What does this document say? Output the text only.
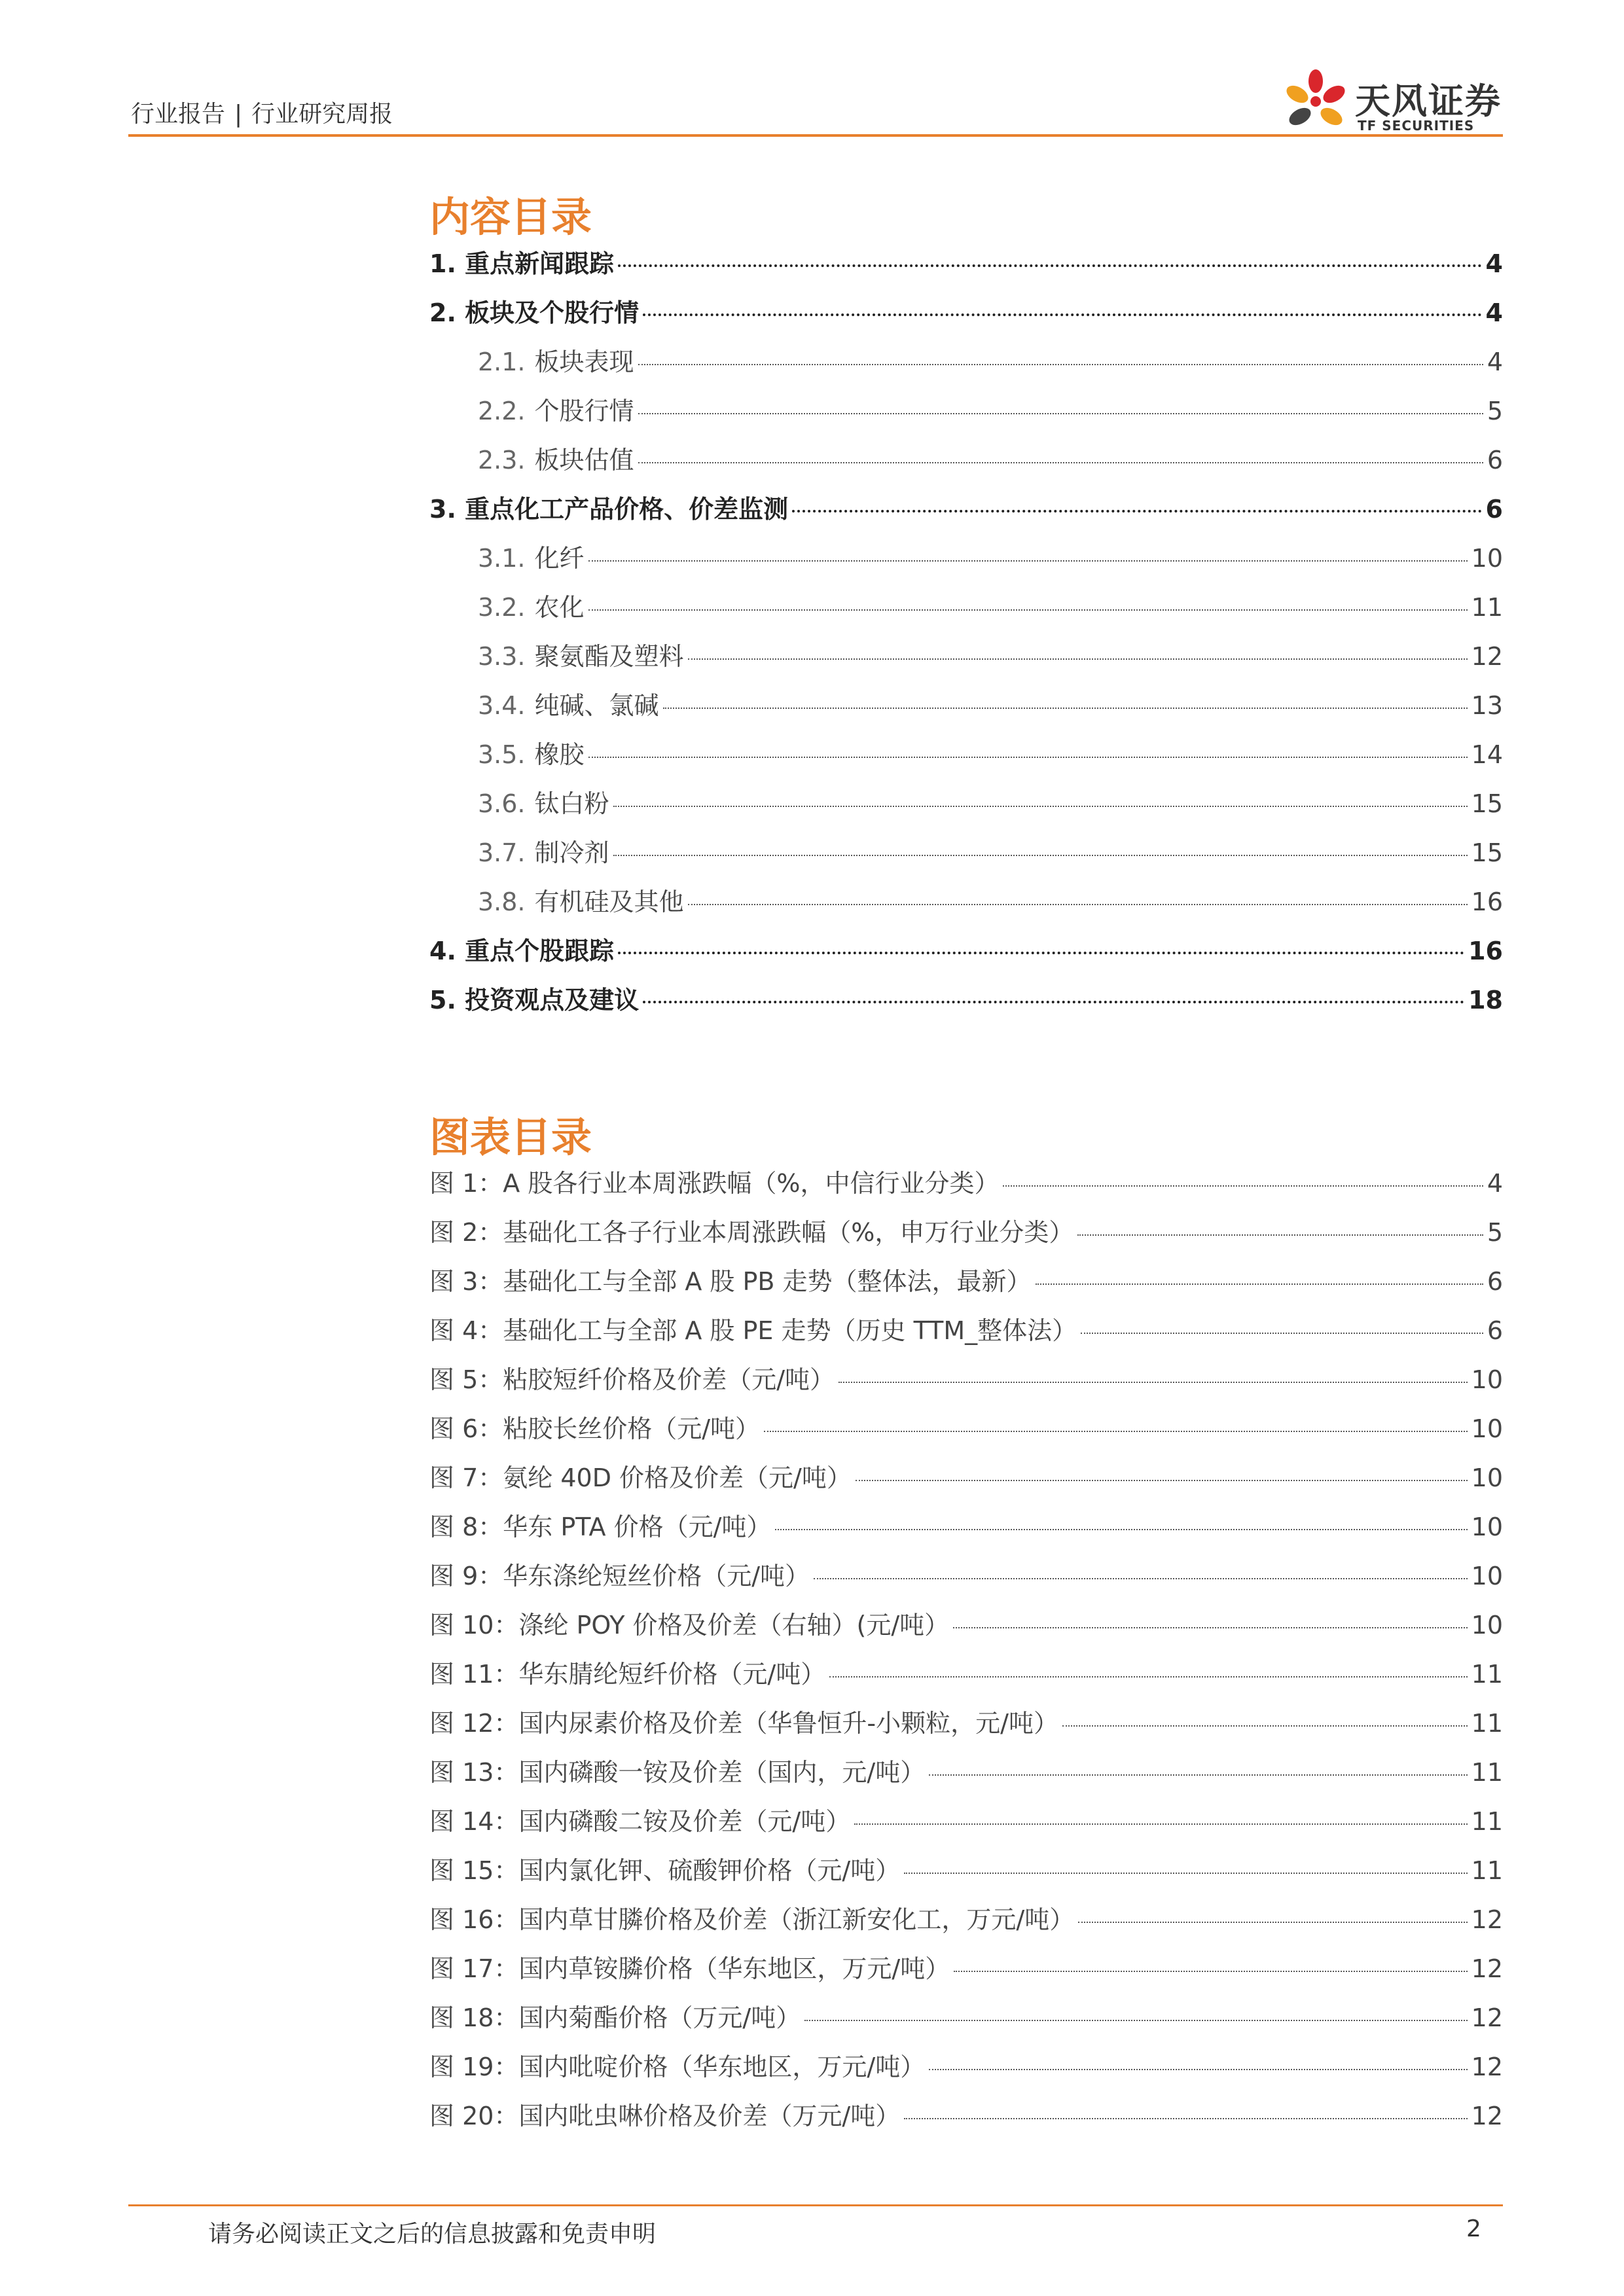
行业报告 | 行业研究周报	天风证券
TF SECURITIES
内容目录
1. 重点新闻跟踪	4
2. 板块及个股行情	4
2.1. 板块表现	4
2.2. 个股行情	5
2.3. 板块估值	6
3. 重点化工产品价格、价差监测	6
3.1. 化纤	10
3.2. 农化	11
3.3. 聚氨酯及塑料	12
3.4. 纯碱、氯碱	13
3.5. 橡胶	14
3.6. 钛白粉	15
3.7. 制冷剂	15
3.8. 有机硅及其他	16
4. 重点个股跟踪	16
5. 投资观点及建议	18
图表目录
图 1：A 股各行业本周涨跌幅（%，中信行业分类）	4
图 2：基础化工各子行业本周涨跌幅（%，申万行业分类）	5
图 3：基础化工与全部 A 股 PB 走势（整体法，最新）	6
图 4：基础化工与全部 A 股 PE 走势（历史 TTM_整体法）	6
图 5：粘胶短纤价格及价差（元/吨）	10
图 6：粘胶长丝价格（元/吨）	10
图 7：氨纶 40D 价格及价差（元/吨）	10
图 8：华东 PTA 价格（元/吨）	10
图 9：华东涤纶短丝价格（元/吨）	10
图 10：涤纶 POY 价格及价差（右轴）(元/吨）	10
图 11：华东腈纶短纤价格（元/吨）	11
图 12：国内尿素价格及价差（华鲁恒升-小颗粒，元/吨）	11
图 13：国内磷酸一铵及价差（国内，元/吨）	11
图 14：国内磷酸二铵及价差（元/吨）	11
图 15：国内氯化钾、硫酸钾价格（元/吨）	11
图 16：国内草甘膦价格及价差（浙江新安化工，万元/吨）	12
图 17：国内草铵膦价格（华东地区，万元/吨）	12
图 18：国内菊酯价格（万元/吨）	12
图 19：国内吡啶价格（华东地区，万元/吨）	12
图 20：国内吡虫啉价格及价差（万元/吨）	12
请务必阅读正文之后的信息披露和免责申明	2
